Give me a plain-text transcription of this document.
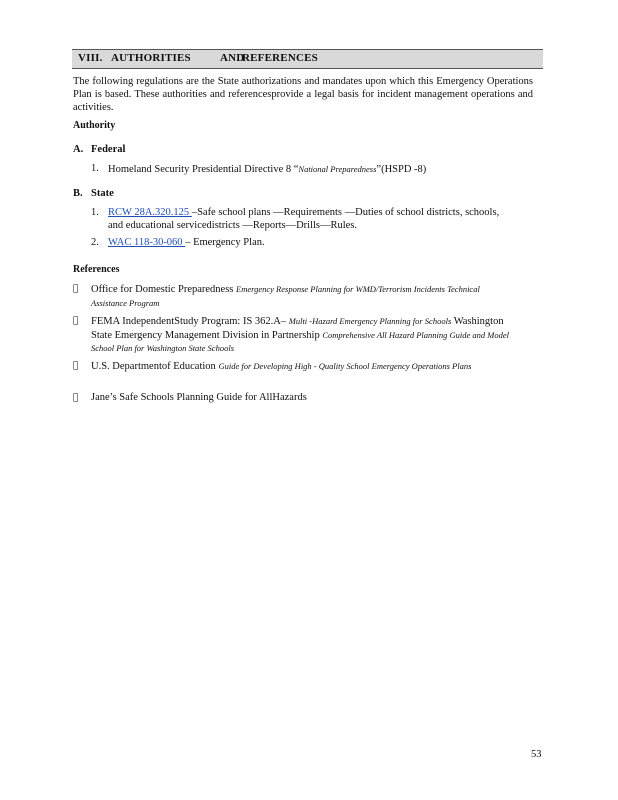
VIII. AUTHORITIES	AND
REFERENCES
The following regulations are the State authorizations and mandates upon which this Emergency Operations Plan is based. These authorities and referencesprovide a legal basis for incident management operations and activities.
Authority
A. Federal
1. Homeland Security Presidential Directive 8 “National Preparedness”(HSPD -8)
B. State
1. RCW 28A.320.125 –Safe school plans —Requirements —Duties of school districts, schools, and educational servicedistricts —Reports—Drills—Rules.
2. WAC 118-30-060 – Emergency Plan.
References
Office for Domestic Preparedness Emergency Response Planning for WMD/Terrorism Incidents Technical Assistance Program
FEMA IndependentStudy Program: IS 362.A– Multi -Hazard Emergency Planning for Schools Washington State Emergency Management Division in Partnership Comprehensive All Hazard Planning Guide and Model School Plan for Washington State Schools
U.S. Departmentof Education Guide for Developing High - Quality School Emergency Operations Plans
Jane’s Safe Schools Planning Guide for AllHazards
53
